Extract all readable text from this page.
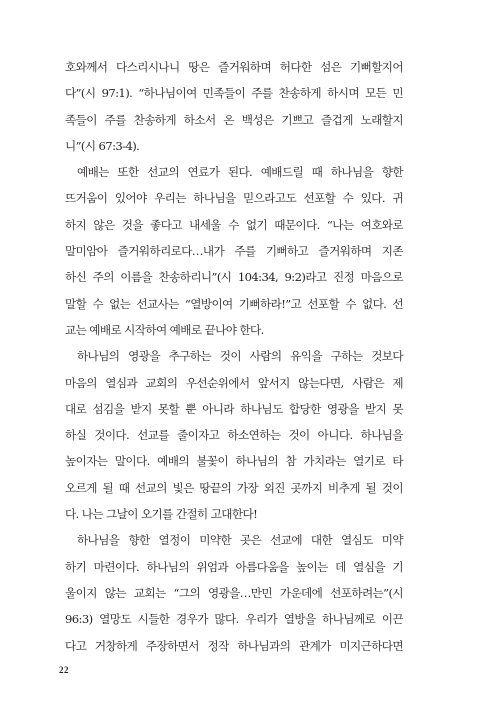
호와께서 다스리시나니 땅은 즐거워하며 허다한 섬은 기뻐할지어
다”(시 97:1). “하나님이여 민족들이 주를 찬송하게 하시며 모든 민
족들이 주를 찬송하게 하소서 온 백성은 기쁘고 즐겁게 노래할지
니”(시 67:3-4).
예배는 또한 선교의 연료가 된다. 예배드릴 때 하나님을 향한
뜨거움이 있어야 우리는 하나님을 믿으라고도 선포할 수 있다. 귀
하지 않은 것을 좋다고 내세울 수 없기 때문이다. “나는 여호와로
말미암아 즐거워하리로다…내가 주를 기뻐하고 즐거워하며 지존
하신 주의 이름을 찬송하리니”(시 104:34, 9:2)라고 진정 마음으로
말할 수 없는 선교사는 “열방이여 기뻐하라!”고 선포할 수 없다. 선
교는 예배로 시작하여 예배로 끝나야 한다.
하나님의 영광을 추구하는 것이 사람의 유익을 구하는 것보다
마음의 열심과 교회의 우선순위에서 앞서지 않는다면, 사람은 제
대로 섬김을 받지 못할 뿐 아니라 하나님도 합당한 영광을 받지 못
하실 것이다. 선교를 줄이자고 하소연하는 것이 아니다. 하나님을
높이자는 말이다. 예배의 불꽃이 하나님의 참 가치라는 열기로 타
오르게 될 때 선교의 빛은 땅끝의 가장 외진 곳까지 비추게 될 것이
다. 나는 그날이 오기를 간절히 고대한다!
하나님을 향한 열정이 미약한 곳은 선교에 대한 열심도 미약
하기 마련이다. 하나님의 위엄과 아름다움을 높이는 데 열심을 기
울이지 않는 교회는 “그의 영광을…만민 가운데에 선포하려는”(시
96:3) 열망도 시들한 경우가 많다. 우리가 열방을 하나님께로 이끈
다고 거창하게 주장하면서 정작 하나님과의 관계가 미지근하다면
22
